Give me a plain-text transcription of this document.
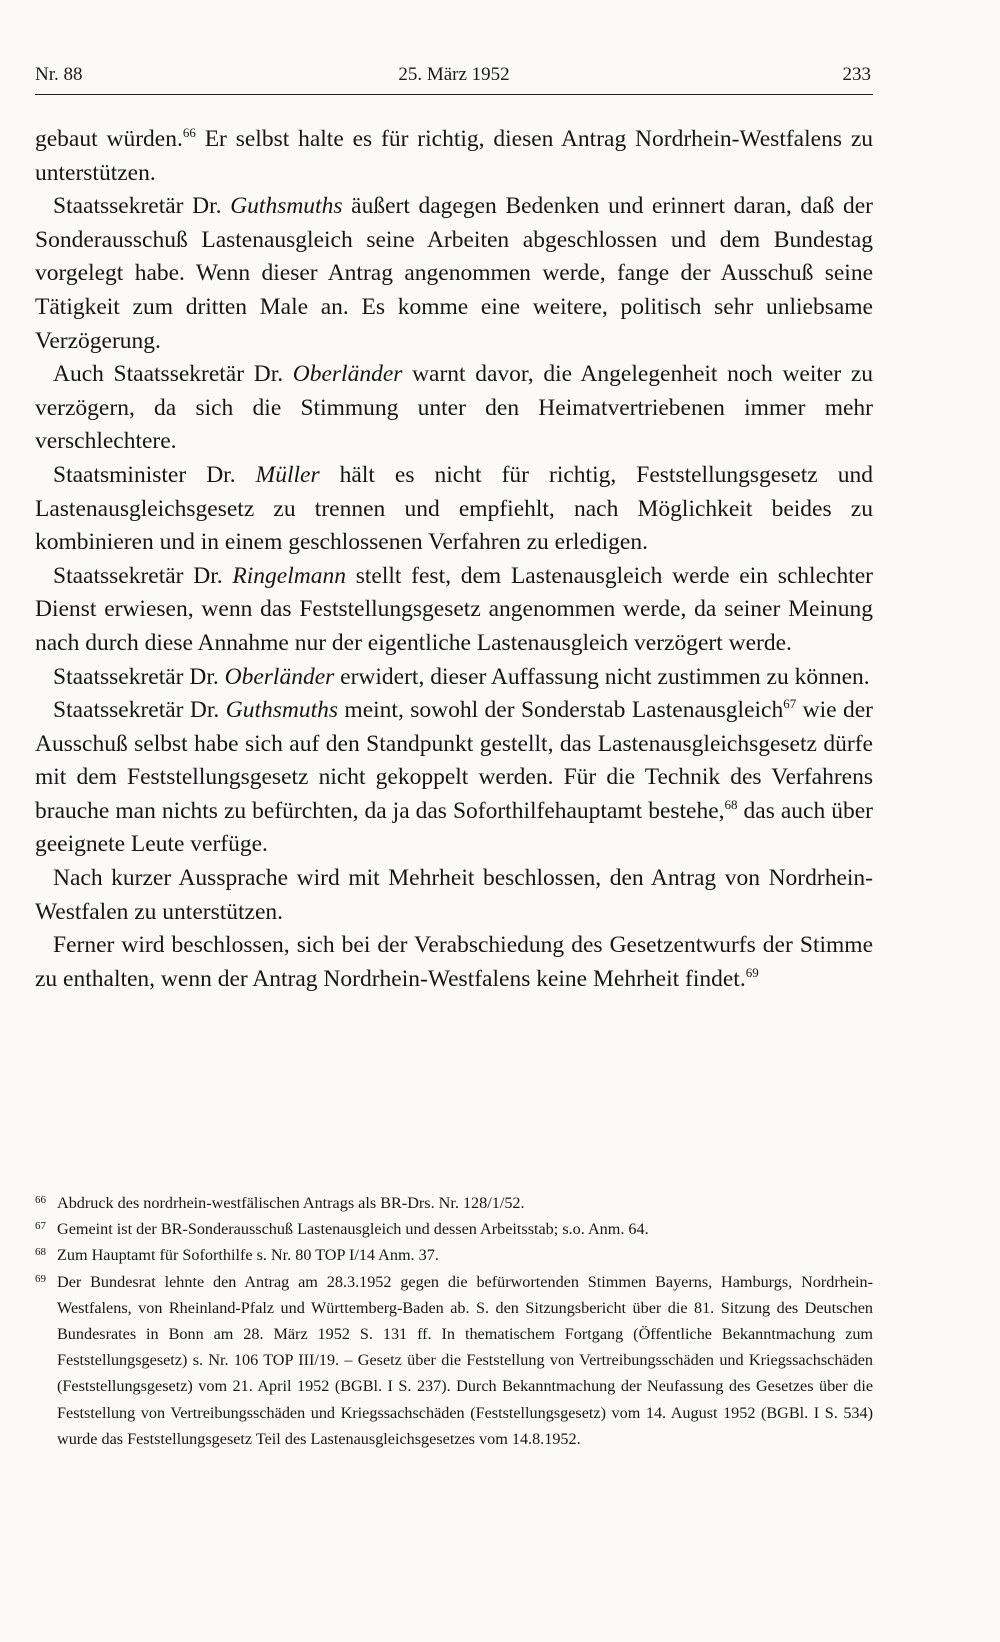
Nr. 88	25. März 1952	233

gebaut würden.$^{66}$ Er selbst halte es für richtig, diesen Antrag Nordrhein-Westfalens zu unterstützen.

Staatssekretär Dr. Guthsmuths äußert dagegen Bedenken und erinnert daran, daß der Sonderausschuß Lastenausgleich seine Arbeiten abgeschlossen und dem Bundestag vorgelegt habe. Wenn dieser Antrag angenommen werde, fange der Ausschuß seine Tätigkeit zum dritten Male an. Es komme eine weitere, politisch sehr unliebsame Verzögerung.

Auch Staatssekretär Dr. Oberländer warnt davor, die Angelegenheit noch weiter zu verzögern, da sich die Stimmung unter den Heimatvertriebenen immer mehr verschlechtere.

Staatsminister Dr. Müller hält es nicht für richtig, Feststellungsgesetz und Lastenausgleichsgesetz zu trennen und empfiehlt, nach Möglichkeit beides zu kombinieren und in einem geschlossenen Verfahren zu erledigen.

Staatssekretär Dr. Ringelmann stellt fest, dem Lastenausgleich werde ein schlechter Dienst erwiesen, wenn das Feststellungsgesetz angenommen werde, da seiner Meinung nach durch diese Annahme nur der eigentliche Lastenausgleich verzögert werde.

Staatssekretär Dr. Oberländer erwidert, dieser Auffassung nicht zustimmen zu können.

Staatssekretär Dr. Guthsmuths meint, sowohl der Sonderstab Lastenausgleich$^{67}$ wie der Ausschuß selbst habe sich auf den Standpunkt gestellt, das Lastenausgleichsgesetz dürfe mit dem Feststellungsgesetz nicht gekoppelt werden. Für die Technik des Verfahrens brauche man nichts zu befürchten, da ja das Soforthilfehauptamt bestehe,$^{68}$ das auch über geeignete Leute verfüge.

Nach kurzer Aussprache wird mit Mehrheit beschlossen, den Antrag von Nordrhein-Westfalen zu unterstützen.

Ferner wird beschlossen, sich bei der Verabschiedung des Gesetzentwurfs der Stimme zu enthalten, wenn der Antrag Nordrhein-Westfalens keine Mehrheit findet.$^{69}$

66 Abdruck des nordrhein-westfälischen Antrags als BR-Drs. Nr. 128/1/52.

67 Gemeint ist der BR-Sonderausschuß Lastenausgleich und dessen Arbeitsstab; s.o. Anm. 64.

68 Zum Hauptamt für Soforthilfe s. Nr. 80 TOP I/14 Anm. 37.

69 Der Bundesrat lehnte den Antrag am 28.3.1952 gegen die befürwortenden Stimmen Bayerns, Hamburgs, Nordrhein-Westfalens, von Rheinland-Pfalz und Württemberg-Baden ab. S. den Sitzungsbericht über die 81. Sitzung des Deutschen Bundesrates in Bonn am 28. März 1952 S. 131 ff. In thematischem Fortgang (Öffentliche Bekanntmachung zum Feststellungsgesetz) s. Nr. 106 TOP III/19. – Gesetz über die Feststellung von Vertreibungsschäden und Kriegssachschäden (Feststellungsgesetz) vom 21. April 1952 (BGBl. I S. 237). Durch Bekanntmachung der Neufassung des Gesetzes über die Feststellung von Vertreibungsschäden und Kriegssachschäden (Feststellungsgesetz) vom 14. August 1952 (BGBl. I S. 534) wurde das Feststellungsgesetz Teil des Lastenausgleichsgesetzes vom 14.8.1952.
